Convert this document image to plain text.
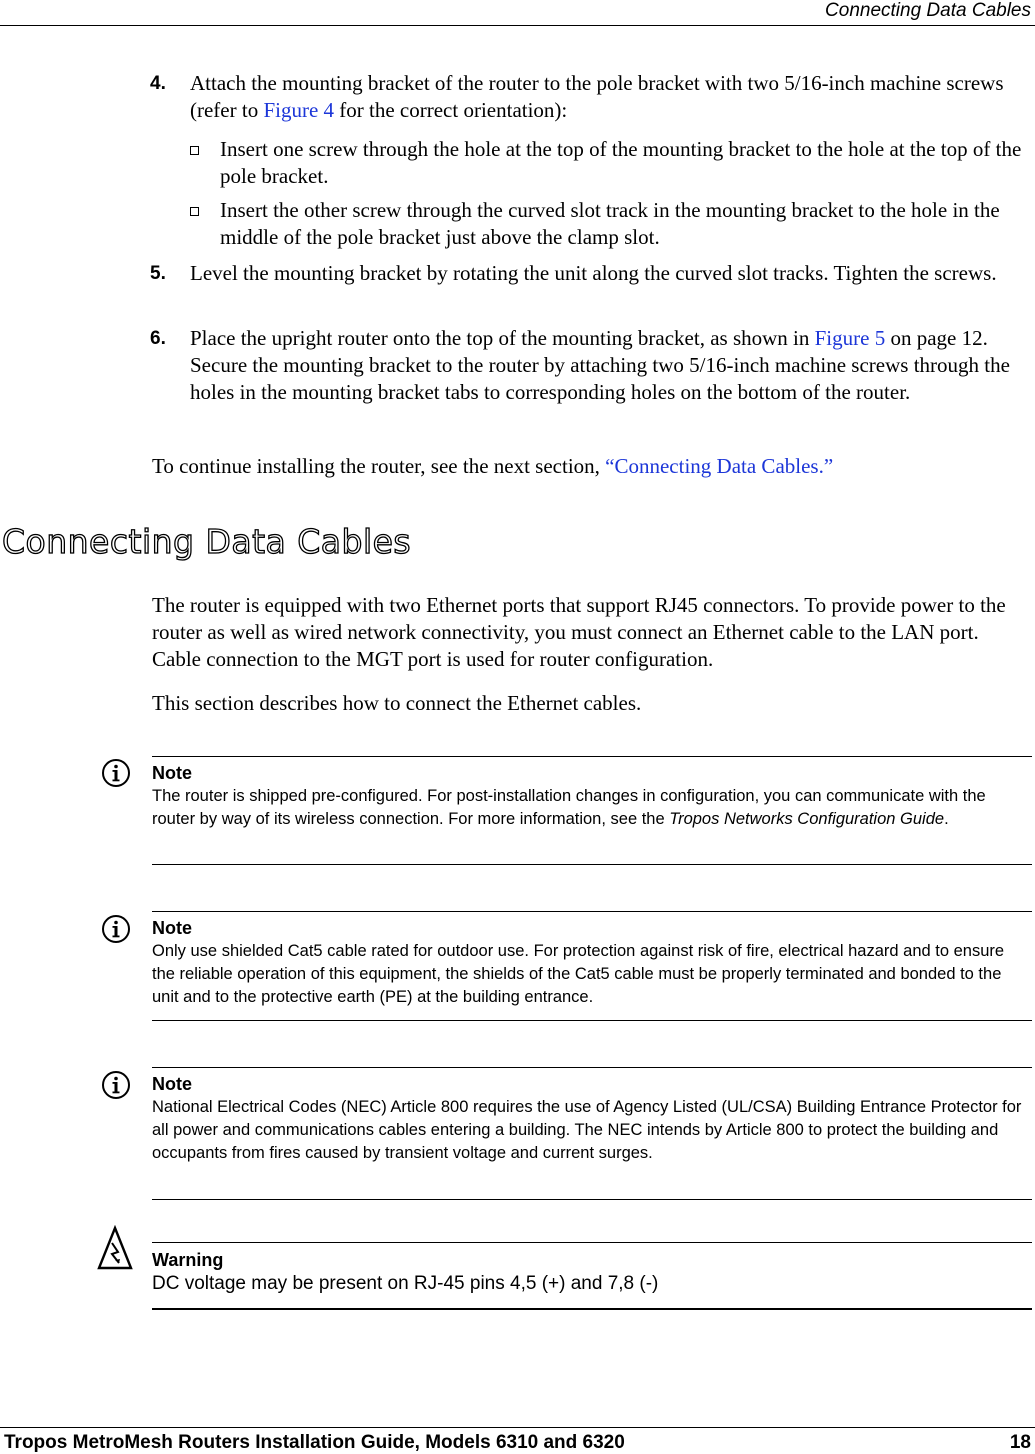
Connecting Data Cables
4. Attach the mounting bracket of the router to the pole bracket with two 5/16-inch machine screws (refer to Figure 4 for the correct orientation):
Insert one screw through the hole at the top of the mounting bracket to the hole at the top of the pole bracket.
Insert the other screw through the curved slot track in the mounting bracket to the hole in the middle of the pole bracket just above the clamp slot.
5. Level the mounting bracket by rotating the unit along the curved slot tracks. Tighten the screws.
6. Place the upright router onto the top of the mounting bracket, as shown in Figure 5 on page 12. Secure the mounting bracket to the router by attaching two 5/16-inch machine screws through the holes in the mounting bracket tabs to corresponding holes on the bottom of the router.
To continue installing the router, see the next section, “Connecting Data Cables.”
Connecting Data Cables
The router is equipped with two Ethernet ports that support RJ45 connectors. To provide power to the router as well as wired network connectivity, you must connect an Ethernet cable to the LAN port. Cable connection to the MGT port is used for router configuration.
This section describes how to connect the Ethernet cables.
Note
The router is shipped pre-configured. For post-installation changes in configuration, you can communicate with the router by way of its wireless connection. For more information, see the Tropos Networks Configuration Guide.
Note
Only use shielded Cat5 cable rated for outdoor use. For protection against risk of fire, electrical hazard and to ensure the reliable operation of this equipment, the shields of the Cat5 cable must be properly terminated and bonded to the unit and to the protective earth (PE) at the building entrance.
Note
National Electrical Codes (NEC) Article 800 requires the use of Agency Listed (UL/CSA) Building Entrance Protector for all power and communications cables entering a building. The NEC intends by Article 800 to protect the building and occupants from fires caused by transient voltage and current surges.
Warning
DC voltage may be present on RJ-45 pins 4,5 (+) and 7,8 (-)
Tropos MetroMesh Routers Installation Guide, Models 6310 and 6320	18
